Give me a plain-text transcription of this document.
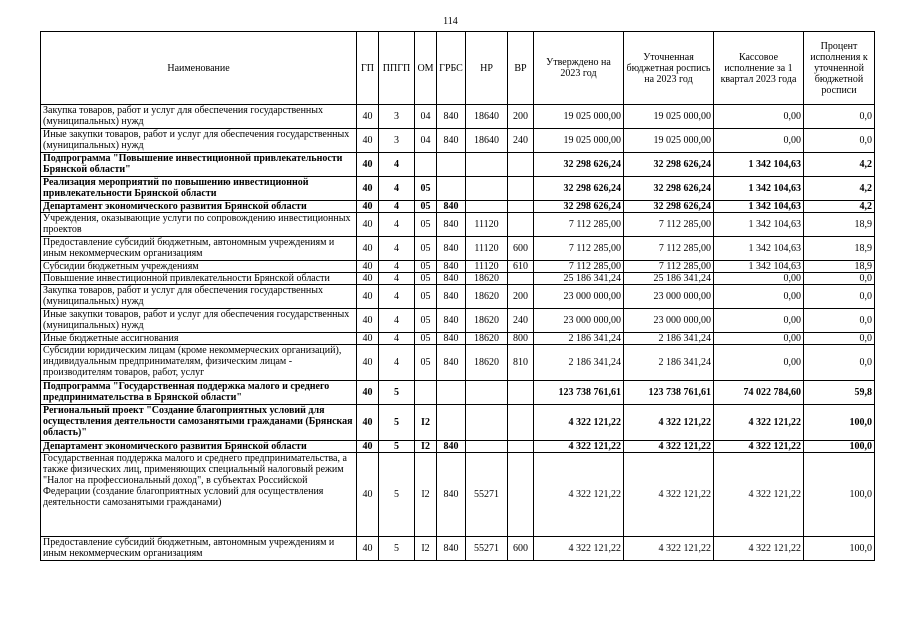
114
Наименование	ГП	ППГП	ОМ	ГРБС	НР	ВР	Утверждено на 2023 год	Уточненная бюджетная роспись на 2023 год	Кассовое исполнение за 1 квартал 2023 года	Процент исполнения к уточненной бюджетной росписи
Закупка товаров, работ и услуг для обеспечения государственных (муниципальных) нужд	40	3	04	840	18640	200	19 025 000,00	19 025 000,00	0,00	0,0
Иные закупки товаров, работ и услуг для обеспечения государственных (муниципальных) нужд	40	3	04	840	18640	240	19 025 000,00	19 025 000,00	0,00	0,0
Подпрограмма "Повышение инвестиционной привлекательности Брянской области"	40	4					32 298 626,24	32 298 626,24	1 342 104,63	4,2
Реализация мероприятий по повышению инвестиционной привлекательности Брянской области	40	4	05				32 298 626,24	32 298 626,24	1 342 104,63	4,2
Департамент экономического развития Брянской области	40	4	05	840			32 298 626,24	32 298 626,24	1 342 104,63	4,2
Учреждения, оказывающие услуги по сопровождению инвестиционных проектов	40	4	05	840	11120		7 112 285,00	7 112 285,00	1 342 104,63	18,9
Предоставление субсидий бюджетным, автономным учреждениям и иным некоммерческим организациям	40	4	05	840	11120	600	7 112 285,00	7 112 285,00	1 342 104,63	18,9
Субсидии бюджетным учреждениям	40	4	05	840	11120	610	7 112 285,00	7 112 285,00	1 342 104,63	18,9
Повышение инвестиционной привлекательности Брянской области	40	4	05	840	18620		25 186 341,24	25 186 341,24	0,00	0,0
Закупка товаров, работ и услуг для обеспечения государственных (муниципальных) нужд	40	4	05	840	18620	200	23 000 000,00	23 000 000,00	0,00	0,0
Иные закупки товаров, работ и услуг для обеспечения государственных (муниципальных) нужд	40	4	05	840	18620	240	23 000 000,00	23 000 000,00	0,00	0,0
Иные бюджетные ассигнования	40	4	05	840	18620	800	2 186 341,24	2 186 341,24	0,00	0,0
Субсидии юридическим лицам (кроме некоммерческих организаций), индивидуальным предпринимателям, физическим лицам - производителям товаров, работ, услуг	40	4	05	840	18620	810	2 186 341,24	2 186 341,24	0,00	0,0
Подпрограмма "Государственная поддержка малого и среднего предпринимательства в Брянской области"	40	5					123 738 761,61	123 738 761,61	74 022 784,60	59,8
Региональный проект "Создание благоприятных условий для осуществления деятельности самозанятыми гражданами (Брянская область)"	40	5	I2				4 322 121,22	4 322 121,22	4 322 121,22	100,0
Департамент экономического развития Брянской области	40	5	I2	840			4 322 121,22	4 322 121,22	4 322 121,22	100,0
Государственная поддержка малого и среднего предпринимательства, а также физических лиц, применяющих специальный налоговый режим "Налог на профессиональный доход", в субъектах Российской Федерации (создание благоприятных условий для осуществления деятельности самозанятыми гражданами)	40	5	I2	840	55271		4 322 121,22	4 322 121,22	4 322 121,22	100,0
Предоставление субсидий бюджетным, автономным учреждениям и иным некоммерческим организациям	40	5	I2	840	55271	600	4 322 121,22	4 322 121,22	4 322 121,22	100,0
